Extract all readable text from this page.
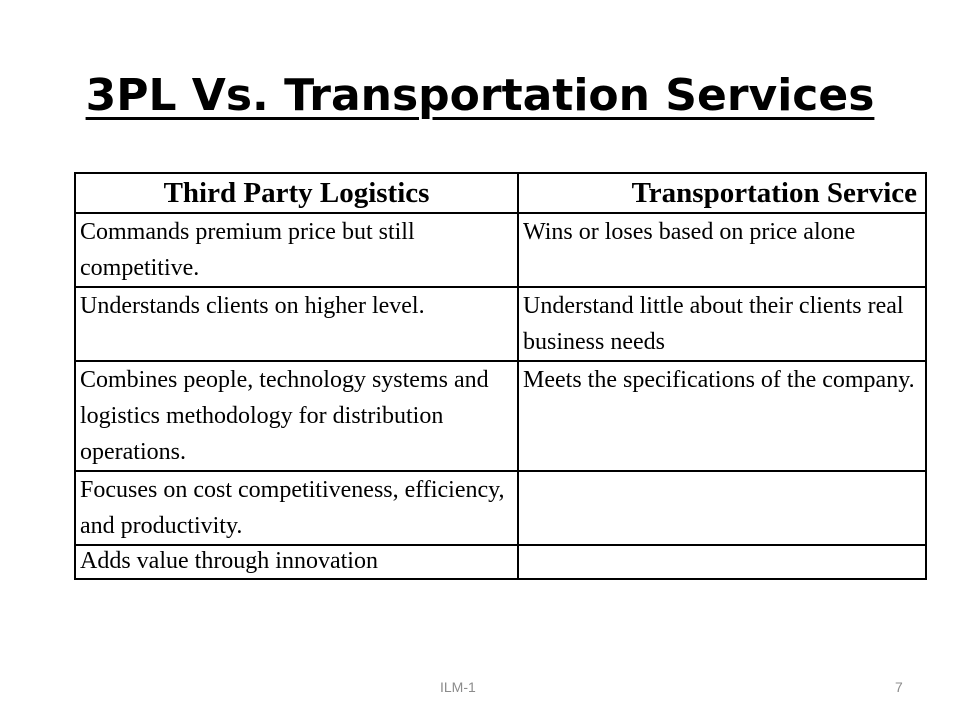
3PL Vs. Transportation Services
Third Party Logistics	Transportation Service
Commands premium price but still competitive.	Wins or loses based on price alone
Understands clients on higher level.	Understand little about their clients real business needs
Combines people, technology systems and logistics methodology for distribution operations.	Meets the specifications of the company.
Focuses on cost competitiveness, efficiency, and productivity.	
Adds value through innovation	
ILM-1	7
